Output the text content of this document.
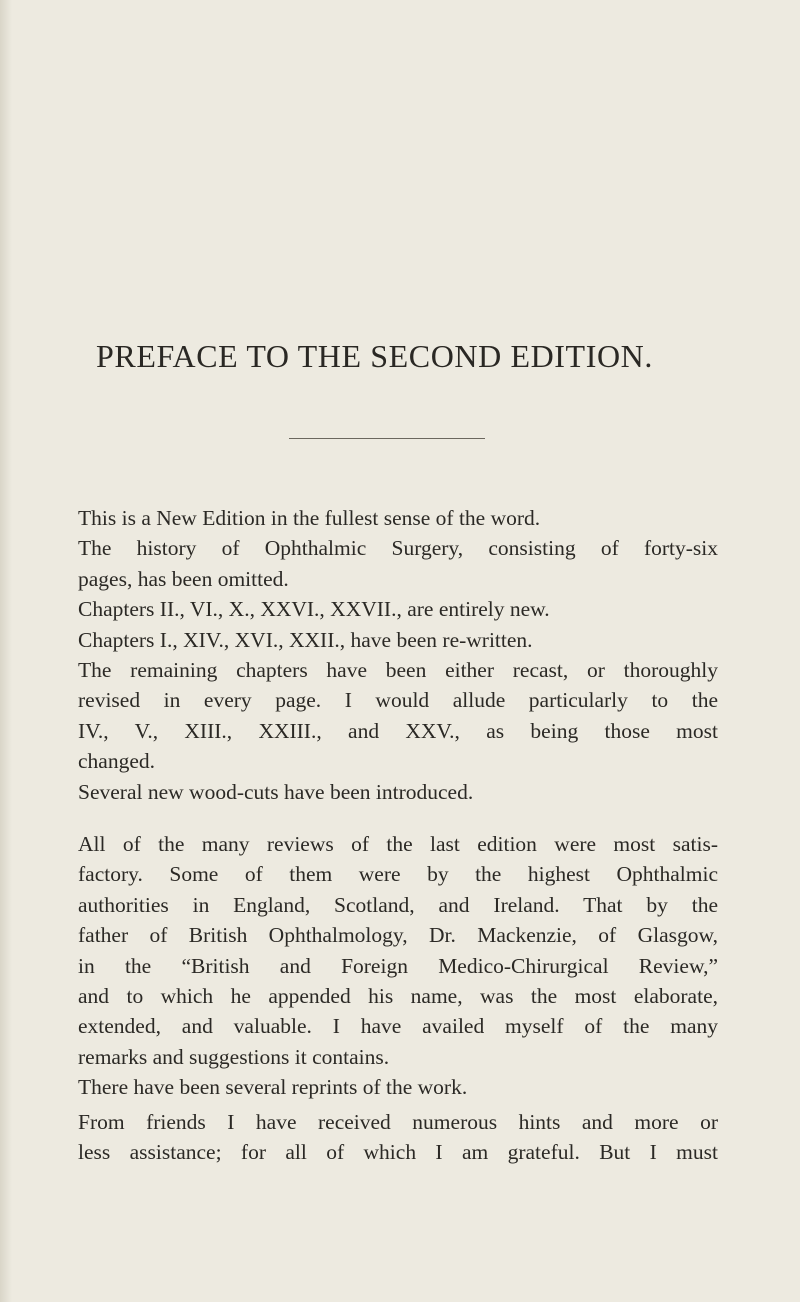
PREFACE TO THE SECOND EDITION.
This is a New Edition in the fullest sense of the word.
The history of Ophthalmic Surgery, consisting of forty-six
pages, has been omitted.
Chapters II., VI., X., XXVI., XXVII., are entirely new.
Chapters I., XIV., XVI., XXII., have been re-written.
The remaining chapters have been either recast, or thoroughly
revised in every page. I would allude particularly to the
IV., V., XIII., XXIII., and XXV., as being those most
changed.
Several new wood-cuts have been introduced.
All of the many reviews of the last edition were most satis-
factory. Some of them were by the highest Ophthalmic
authorities in England, Scotland, and Ireland. That by the
father of British Ophthalmology, Dr. Mackenzie, of Glasgow,
in the “British and Foreign Medico-Chirurgical Review,”
and to which he appended his name, was the most elaborate,
extended, and valuable. I have availed myself of the many
remarks and suggestions it contains.
There have been several reprints of the work.
From friends I have received numerous hints and more or
less assistance; for all of which I am grateful. But I must
